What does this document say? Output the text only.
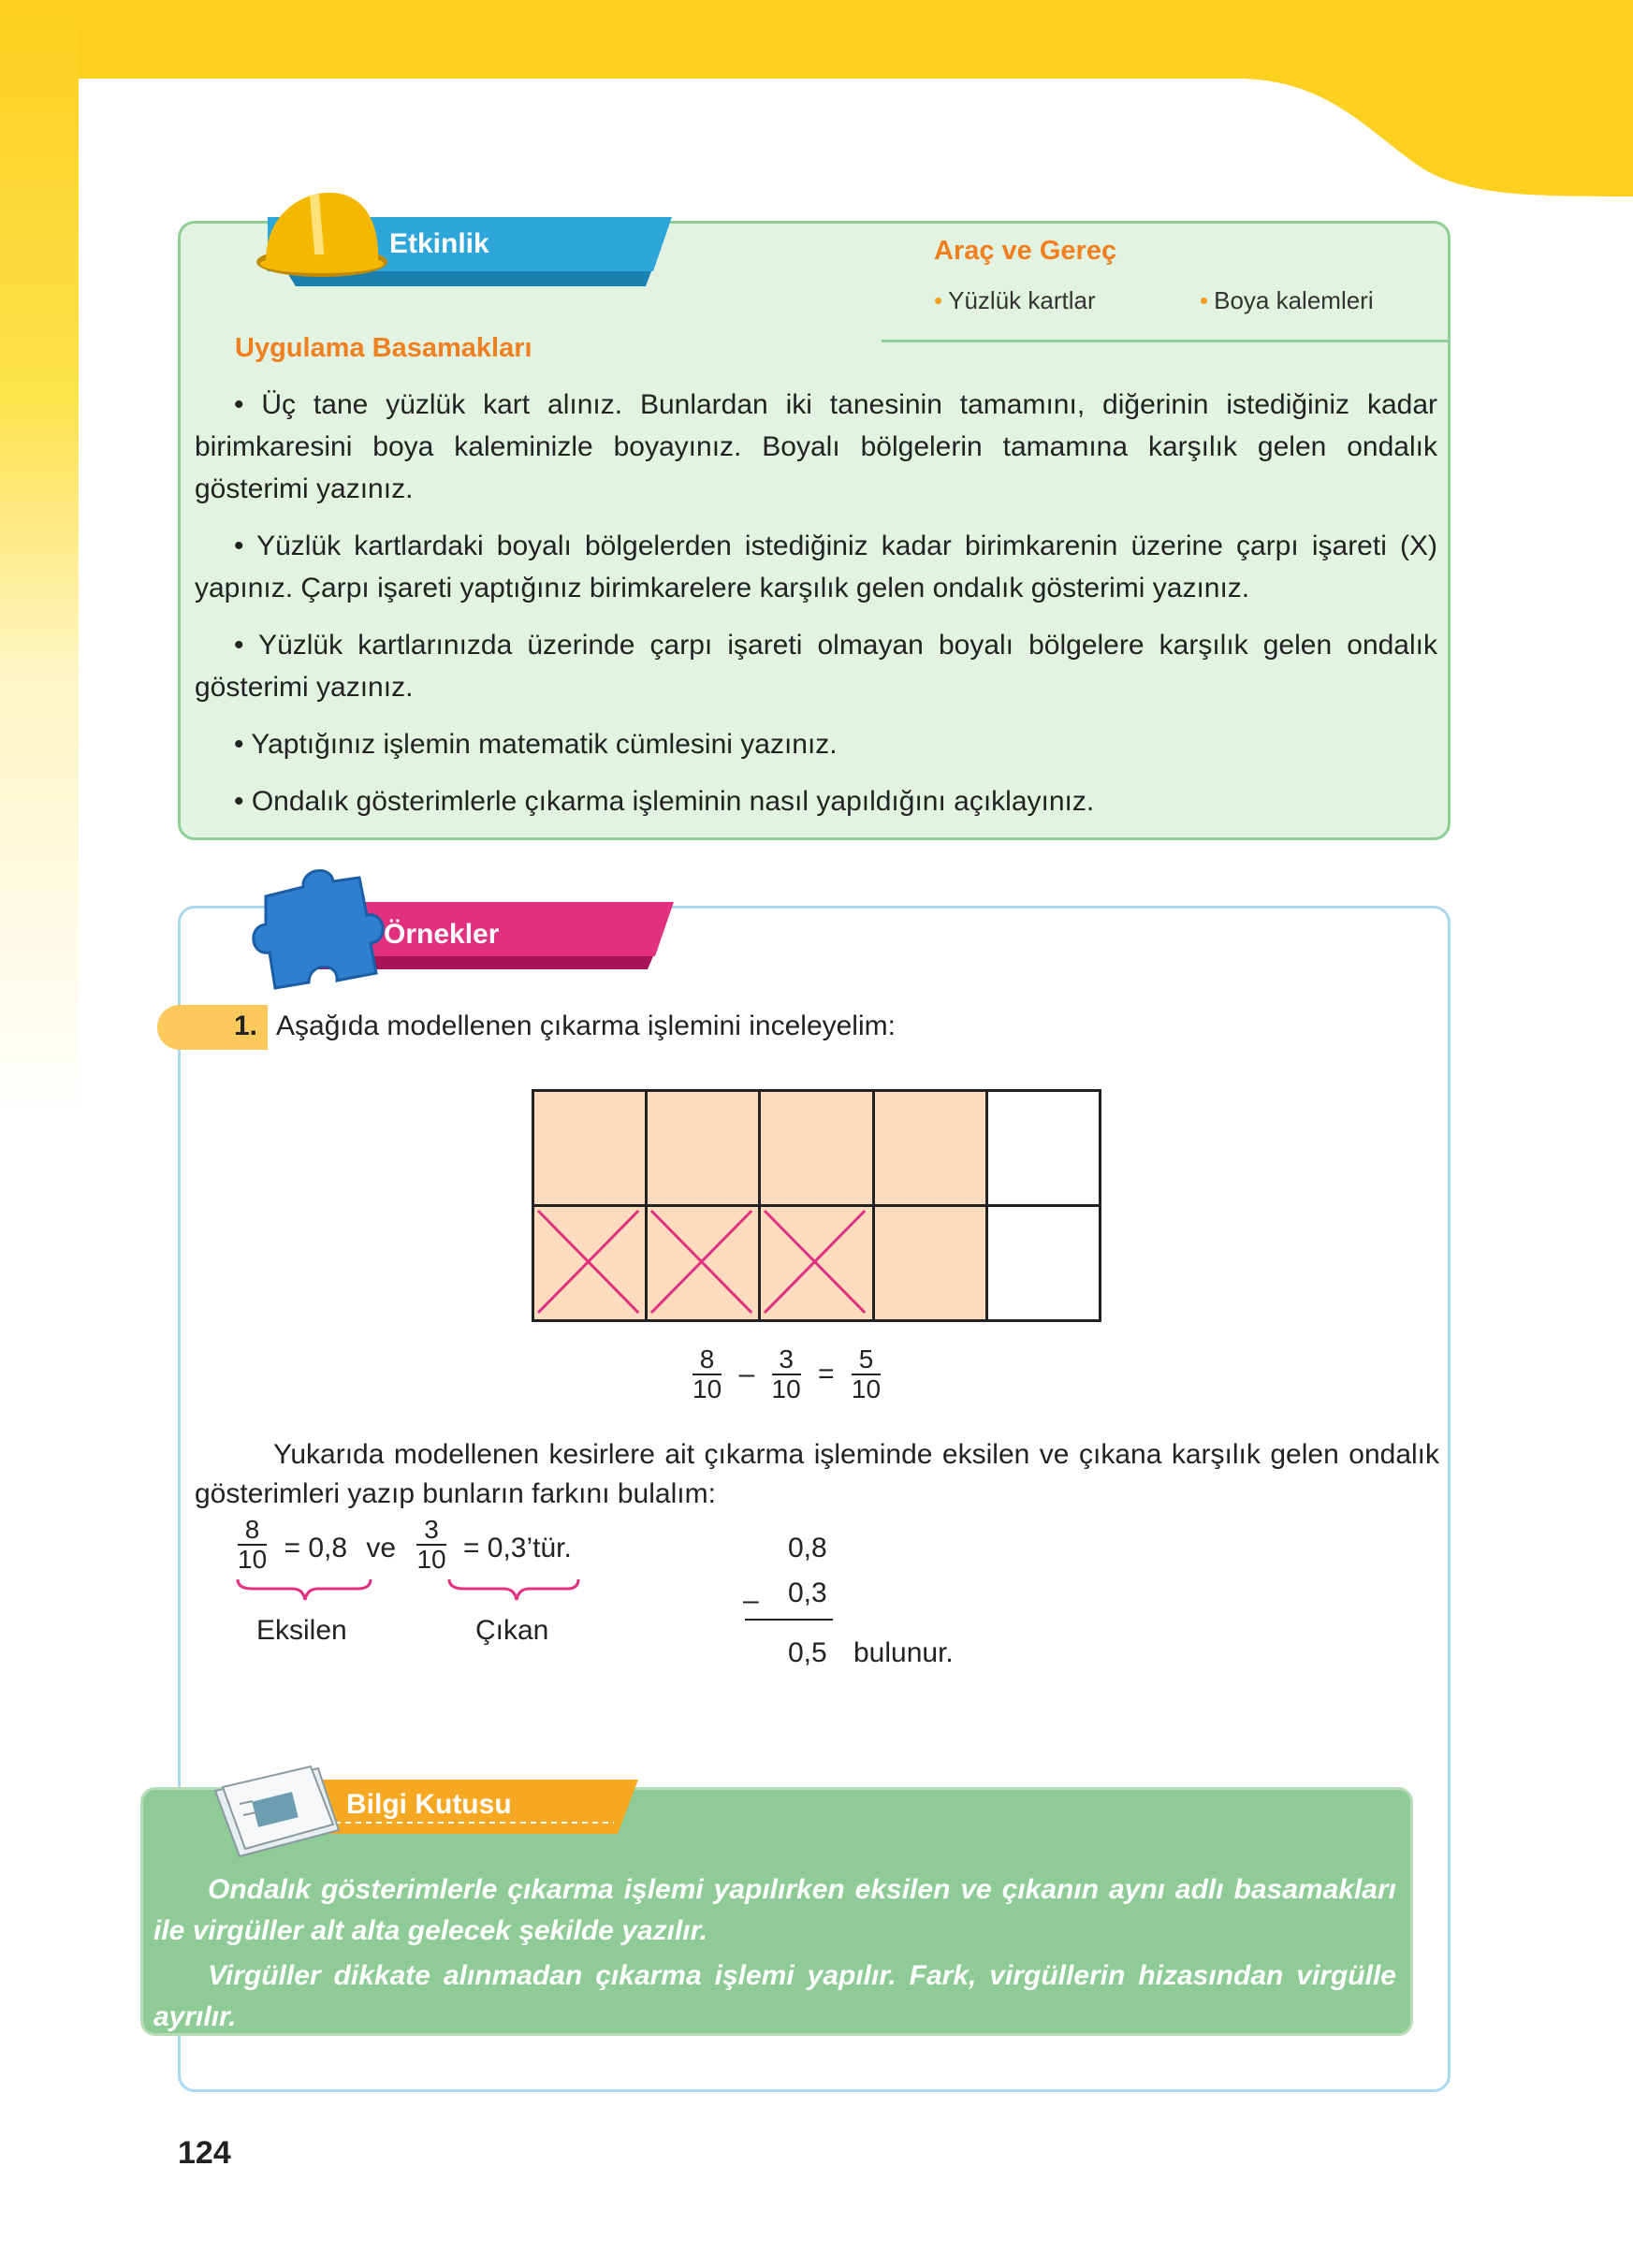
Etkinlik	Araç ve Gereç
• Yüzlük kartlar	• Boya kalemleri
Uygulama Basamakları
• Üç tane yüzlük kart alınız. Bunlardan iki tanesinin tamamını, diğerinin istediğiniz kadar birimkaresini boya kaleminizle boyayınız. Boyalı bölgelerin tamamına karşılık gelen ondalık gösterimi yazınız.
• Yüzlük kartlardaki boyalı bölgelerden istediğiniz kadar birimkarenin üzerine çarpı işareti (X) yapınız. Çarpı işareti yaptığınız birimkarelere karşılık gelen ondalık gösterimi yazınız.
• Yüzlük kartlarınızda üzerinde çarpı işareti olmayan boyalı bölgelere karşılık gelen ondalık gösterimi yazınız.
• Yaptığınız işlemin matematik cümlesini yazınız.
• Ondalık gösterimlerle çıkarma işleminin nasıl yapıldığını açıklayınız.
Örnekler
1. Aşağıda modellenen çıkarma işlemini inceleyelim:
$\frac{8}{10} - \frac{3}{10} = \frac{5}{10}$
Yukarıda modellenen kesirlere ait çıkarma işleminde eksilen ve çıkana karşılık gelen ondalık gösterimleri yazıp bunların farkını bulalım:
$\frac{8}{10} = 0,8$ ve $\frac{3}{10}$ = 0,3’tür.
Eksilen	Çıkan
0,8
– 0,3
0,5 bulunur.
Bilgi Kutusu
Ondalık gösterimlerle çıkarma işlemi yapılırken eksilen ve çıkanın aynı adlı basamakları ile virgüller alt alta gelecek şekilde yazılır.
Virgüller dikkate alınmadan çıkarma işlemi yapılır. Fark, virgüllerin hizasından virgülle ayrılır.
124
